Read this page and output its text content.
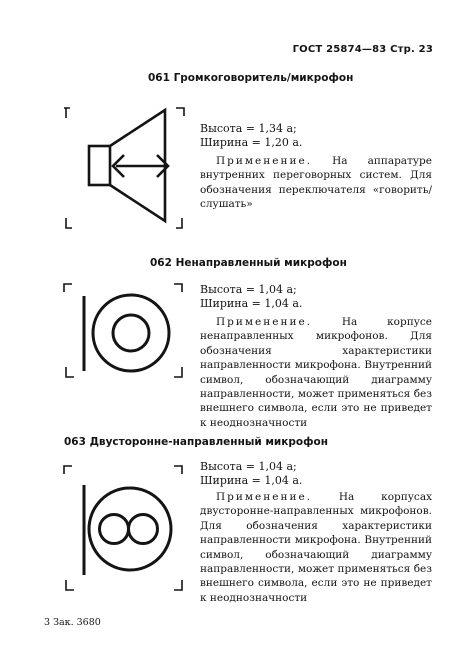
ГОСТ 25874—83 Стр. 23
061 Громкоговоритель/микрофон
Высота = 1,34 a;
Ширина = 1,20 a.
Применение. На аппаратуре внутренних переговорных систем. Для обозначения переключателя «говорить/слушать»
062 Ненаправленный микрофон
Высота = 1,04 a;
Ширина = 1,04 a.
Применение.	На корпусе ненаправленных микрофонов. Для обозначения характеристики направленности микрофона. Внутренний символ, обозначающий диаграмму направленности, может применяться без внешнего символа, если это не приведет к неоднозначности
063 Двусторонне-направленный микрофон
Высота = 1,04 a;
Ширина = 1,04 a.
Применение.	На корпусах двусторонне-направленных микрофонов. Для обозначения характеристики направленности микрофона. Внутренний символ, обозначающий диаграмму направленности, может применяться без внешнего символа, если это не приведет к неоднозначности
3 Зак. 3680
